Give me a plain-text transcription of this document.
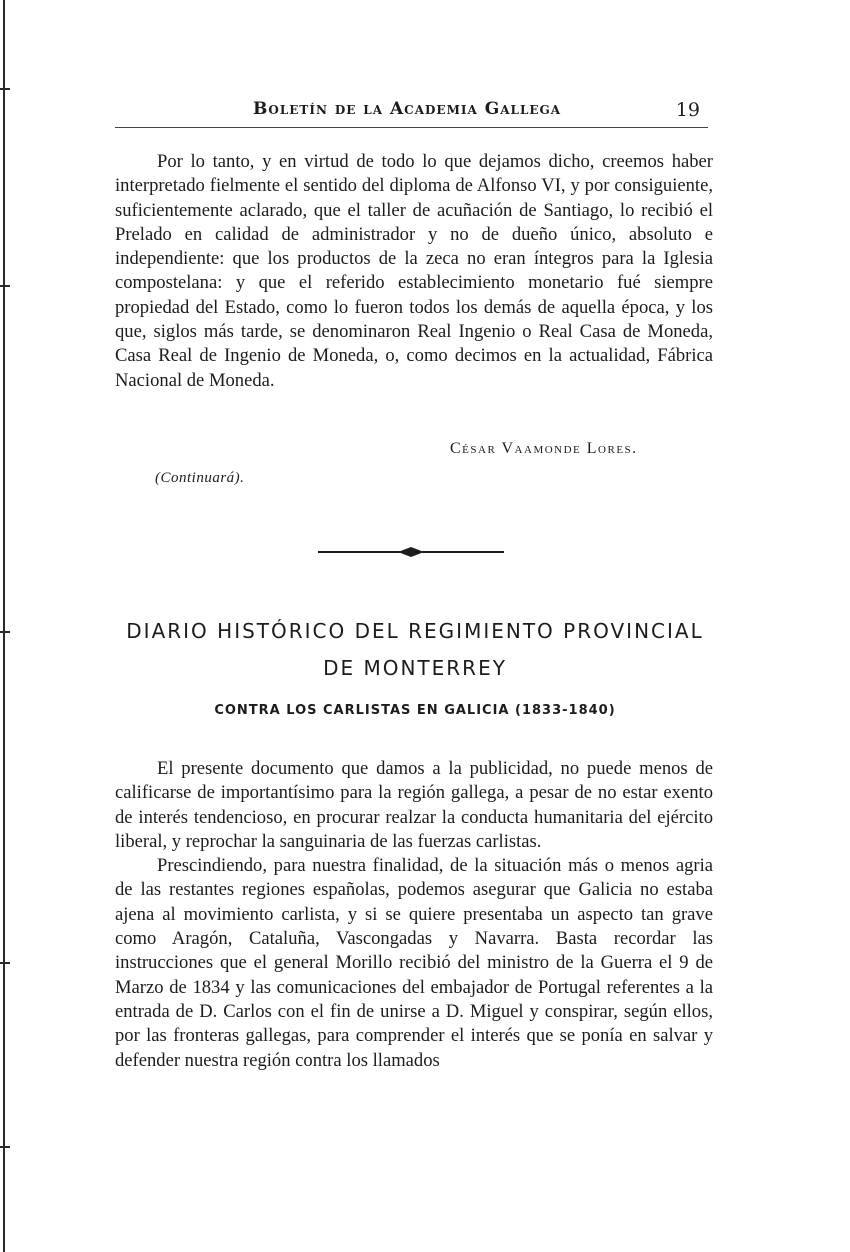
Boletín de la Academia Gallega	19

Por lo tanto, y en virtud de todo lo que dejamos dicho, creemos haber interpretado fielmente el sentido del diploma de Alfonso VI, y por consiguiente, suficientemente aclarado, que el taller de acuñación de Santiago, lo recibió el Prelado en calidad de administrador y no de dueño único, absoluto e independiente: que los productos de la zeca no eran íntegros para la Iglesia compostelana: y que el referido establecimiento monetario fué siempre propiedad del Estado, como lo fueron todos los demás de aquella época, y los que, siglos más tarde, se denominaron Real Ingenio o Real Casa de Moneda, Casa Real de Ingenio de Moneda, o, como decimos en la actualidad, Fábrica Nacional de Moneda.

César Vaamonde Lores.
(Continuará).
DIARIO HISTÓRICO DEL REGIMIENTO PROVINCIAL
DE MONTERREY
CONTRA LOS CARLISTAS EN GALICIA (1833-1840)

El presente documento que damos a la publicidad, no puede menos de calificarse de importantísimo para la región gallega, a pesar de no estar exento de interés tendencioso, en procurar realzar la conducta humanitaria del ejército liberal, y reprochar la sanguinaria de las fuerzas carlistas.

Prescindiendo, para nuestra finalidad, de la situación más o menos agria de las restantes regiones españolas, podemos asegurar que Galicia no estaba ajena al movimiento carlista, y si se quiere presentaba un aspecto tan grave como Aragón, Cataluña, Vascongadas y Navarra. Basta recordar las instrucciones que el general Morillo recibió del ministro de la Guerra el 9 de Marzo de 1834 y las comunicaciones del embajador de Portugal referentes a la entrada de D. Carlos con el fin de unirse a D. Miguel y conspirar, según ellos, por las fronteras gallegas, para comprender el interés que se ponía en salvar y defender nuestra región contra los llamados
